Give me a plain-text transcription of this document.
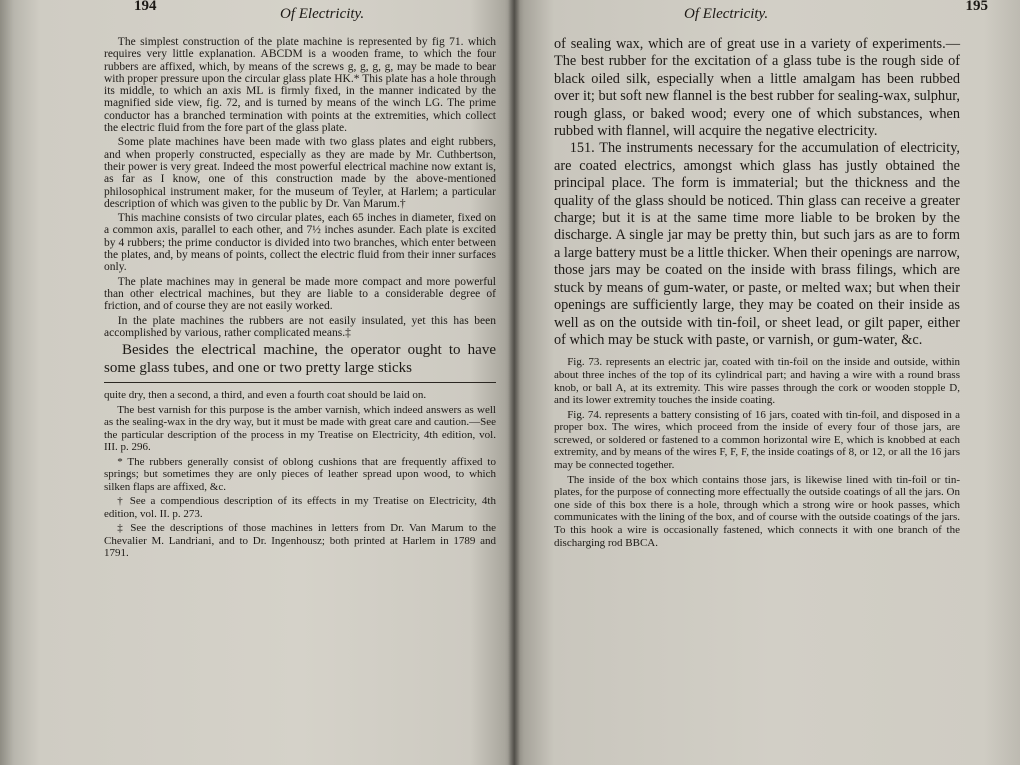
194	Of Electricity.

The simplest construction of the plate machine is represented by fig 71. which requires very little explanation. ABCDM is a wooden frame, to which the four rubbers are affixed, which, by means of the screws g, g, g, g, may be made to bear with proper pressure upon the circular glass plate HK.* This plate has a hole through its middle, to which an axis ML is firmly fixed, in the manner indicated by the magnified side view, fig. 72, and is turned by means of the winch LG. The prime conductor has a branched termination with points at the extremities, which collect the electric fluid from the fore part of the glass plate.

Some plate machines have been made with two glass plates and eight rubbers, and when properly constructed, especially as they are made by Mr. Cuthbertson, their power is very great. Indeed the most powerful electrical machine now extant is, as far as I know, one of this construction made by the above-mentioned philosophical instrument maker, for the museum of Teyler, at Harlem; a particular description of which was given to the public by Dr. Van Marum.†

This machine consists of two circular plates, each 65 inches in diameter, fixed on a common axis, parallel to each other, and 7½ inches asunder. Each plate is excited by 4 rubbers; the prime conductor is divided into two branches, which enter between the plates, and, by means of points, collect the electric fluid from their inner surfaces only.

The plate machines may in general be made more compact and more powerful than other electrical machines, but they are liable to a considerable degree of friction, and of course they are not easily worked.

In the plate machines the rubbers are not easily insulated, yet this has been accomplished by various, rather complicated means.‡

Besides the electrical machine, the operator ought to have some glass tubes, and one or two pretty large sticks

quite dry, then a second, a third, and even a fourth coat should be laid on.

The best varnish for this purpose is the amber varnish, which indeed answers as well as the sealing-wax in the dry way, but it must be made with great care and caution.—See the particular description of the process in my Treatise on Electricity, 4th edition, vol. III. p. 296.

* The rubbers generally consist of oblong cushions that are frequently affixed to springs; but sometimes they are only pieces of leather spread upon wood, to which silken flaps are affixed, &c.

† See a compendious description of its effects in my Treatise on Electricity, 4th edition, vol. II. p. 273.

‡ See the descriptions of those machines in letters from Dr. Van Marum to the Chevalier M. Landriani, and to Dr. Ingenhousz; both printed at Harlem in 1789 and 1791.

Of Electricity.	195

of sealing wax, which are of great use in a variety of experiments.—The best rubber for the excitation of a glass tube is the rough side of black oiled silk, especially when a little amalgam has been rubbed over it; but soft new flannel is the best rubber for sealing-wax, sulphur, rough glass, or baked wood; every one of which substances, when rubbed with flannel, will acquire the negative electricity.

151. The instruments necessary for the accumulation of electricity, are coated electrics, amongst which glass has justly obtained the principal place. The form is immaterial; but the thickness and the quality of the glass should be noticed. Thin glass can receive a greater charge; but it is at the same time more liable to be broken by the discharge. A single jar may be pretty thin, but such jars as are to form a large battery must be a little thicker. When their openings are narrow, those jars may be coated on the inside with brass filings, which are stuck by means of gum-water, or paste, or melted wax; but when their openings are sufficiently large, they may be coated on their inside as well as on the outside with tin-foil, or sheet lead, or gilt paper, either of which may be stuck with paste, or varnish, or gum-water, &c.

Fig. 73. represents an electric jar, coated with tin-foil on the inside and outside, within about three inches of the top of its cylindrical part; and having a wire with a round brass knob, or ball A, at its extremity. This wire passes through the cork or wooden stopple D, and its lower extremity touches the inside coating.

Fig. 74. represents a battery consisting of 16 jars, coated with tin-foil, and disposed in a proper box. The wires, which proceed from the inside of every four of those jars, are screwed, or soldered or fastened to a common horizontal wire E, which is knobbed at each extremity, and by means of the wires F, F, F, the inside coatings of 8, or 12, or all the 16 jars may be connected together.

The inside of the box which contains those jars, is likewise lined with tin-foil or tin-plates, for the purpose of connecting more effectually the outside coatings of all the jars. On one side of this box there is a hole, through which a strong wire or hook passes, which communicates with the lining of the box, and of course with the outside coatings of the jars. To this hook a wire is occasionally fastened, which connects it with one branch of the discharging rod BBCA.
